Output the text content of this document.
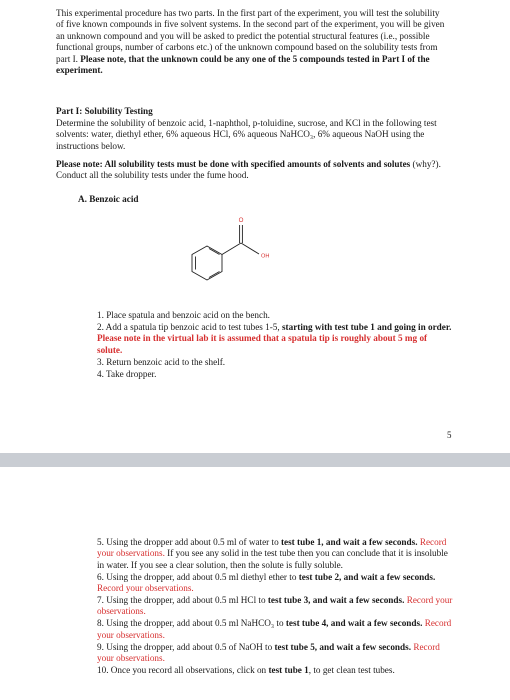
This experimental procedure has two parts. In the first part of the experiment, you will test the solubility of five known compounds in five solvent systems. In the second part of the experiment, you will be given an unknown compound and you will be asked to predict the potential structural features (i.e., possible functional groups, number of carbons etc.) of the unknown compound based on the solubility tests from part I. Please note, that the unknown could be any one of the 5 compounds tested in Part I of the experiment.

Part I: Solubility Testing

Determine the solubility of benzoic acid, 1-naphthol, p-toluidine, sucrose, and KCl in the following test solvents: water, diethyl ether, 6% aqueous HCl, 6% aqueous NaHCO₃, 6% aqueous NaOH using the instructions below.

Please note: All solubility tests must be done with specified amounts of solvents and solutes (why?). Conduct all the solubility tests under the fume hood.

A. Benzoic acid
O
OH
1. Place spatula and benzoic acid on the bench.
2. Add a spatula tip benzoic acid to test tubes 1-5, starting with test tube 1 and going in order. Please note in the virtual lab it is assumed that a spatula tip is roughly about 5 mg of solute.
3. Return benzoic acid to the shelf.
4. Take dropper.
5
5. Using the dropper add about 0.5 ml of water to test tube 1, and wait a few seconds. Record your observations. If you see any solid in the test tube then you can conclude that it is insoluble in water. If you see a clear solution, then the solute is fully soluble.
6. Using the dropper, add about 0.5 ml diethyl ether to test tube 2, and wait a few seconds. Record your observations.
7. Using the dropper, add about 0.5 ml HCl to test tube 3, and wait a few seconds. Record your observations.
8. Using the dropper, add about 0.5 ml NaHCO₃ to test tube 4, and wait a few seconds. Record your observations.
9. Using the dropper, add about 0.5 of NaOH to test tube 5, and wait a few seconds. Record your observations.
10. Once you record all observations, click on test tube 1, to get clean test tubes.
